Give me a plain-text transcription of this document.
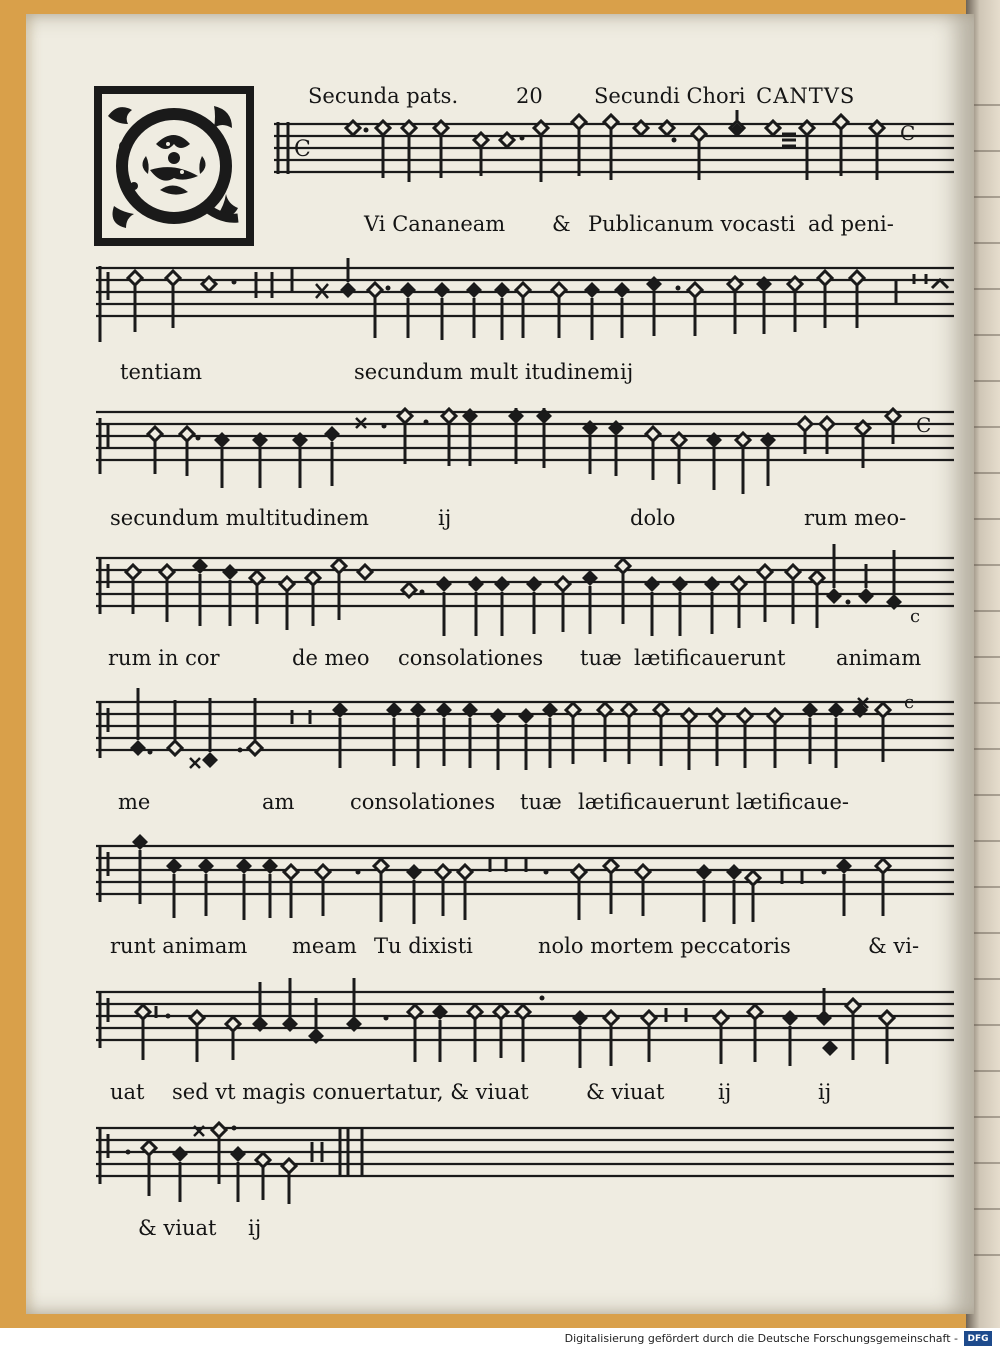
Secunda pats.	20 Secundi Chori CANTVS
C
C
Vi Cananeam & Publicanum vocasti ad peni-
tentiam	secundum mult itudinem ij
C
secundum multitudinem	ij	dolo	rum meo-
c
rum in cor	de meo consolationes tuæ lætificauerunt animam
c
me	am	consolationes tuæ lætificauerunt lætificaue-
runt animam meam Tu dixisti	nolo mortem peccatoris	& vi-
uat sed vt magis conuertatur, & viuat	& viuat	ij	ij
& viuat ij
Digitalisierung gefördert durch die Deutsche Forschungsgemeinschaft -	DFG
